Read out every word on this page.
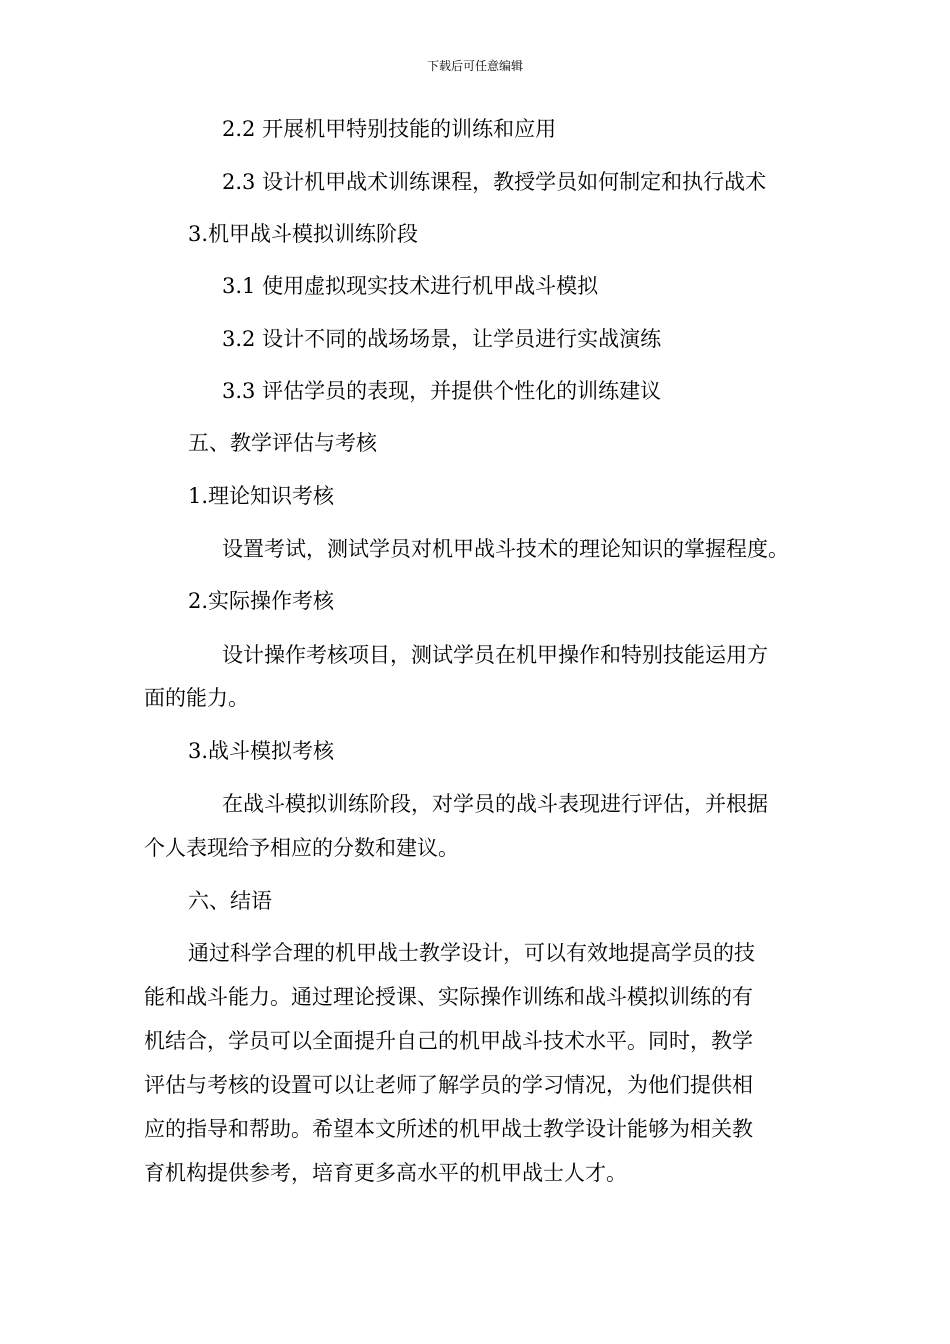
下载后可任意编辑
2.2 开展机甲特别技能的训练和应用
2.3 设计机甲战术训练课程，教授学员如何制定和执行战术
3.机甲战斗模拟训练阶段
3.1 使用虚拟现实技术进行机甲战斗模拟
3.2 设计不同的战场场景，让学员进行实战演练
3.3 评估学员的表现，并提供个性化的训练建议
五、教学评估与考核
1.理论知识考核
设置考试，测试学员对机甲战斗技术的理论知识的掌握程度。
2.实际操作考核
设计操作考核项目，测试学员在机甲操作和特别技能运用方
面的能力。
3.战斗模拟考核
在战斗模拟训练阶段，对学员的战斗表现进行评估，并根据
个人表现给予相应的分数和建议。
六、结语
通过科学合理的机甲战士教学设计，可以有效地提高学员的技
能和战斗能力。通过理论授课、实际操作训练和战斗模拟训练的有
机结合，学员可以全面提升自己的机甲战斗技术水平。同时，教学
评估与考核的设置可以让老师了解学员的学习情况，为他们提供相
应的指导和帮助。希望本文所述的机甲战士教学设计能够为相关教
育机构提供参考，培育更多高水平的机甲战士人才。
